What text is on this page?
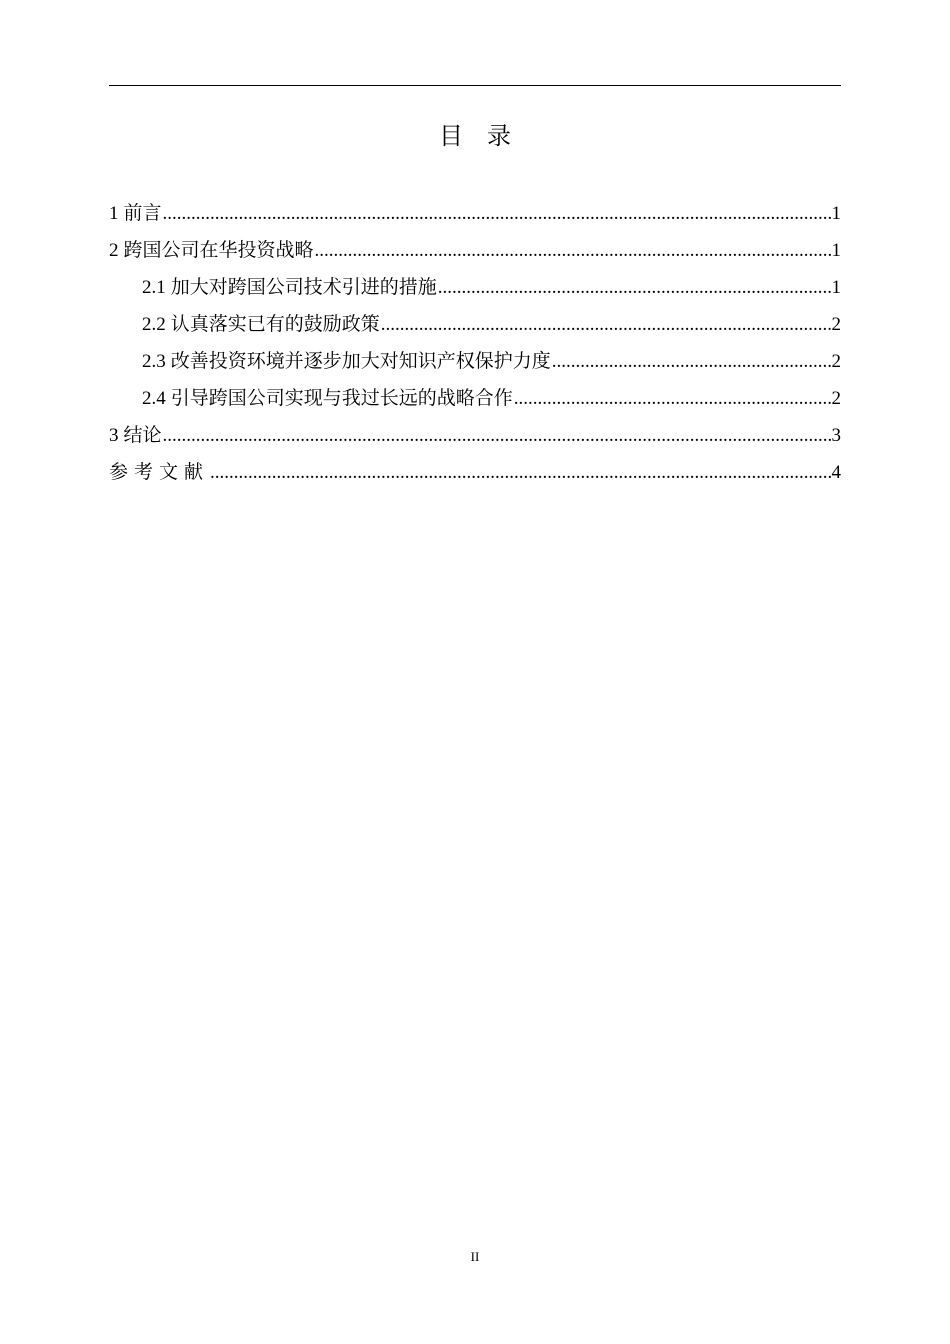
目录
1 前言 .....	1
2 跨国公司在华投资战略 .....	1
2.1 加大对跨国公司技术引进的措施 .....	1
2.2 认真落实已有的鼓励政策 .....	2
2.3 改善投资环境并逐步加大对知识产权保护力度 .....	2
2.4 引导跨国公司实现与我过长远的战略合作 .....	2
3 结论 .....	3
参考文献 .....	4
II
